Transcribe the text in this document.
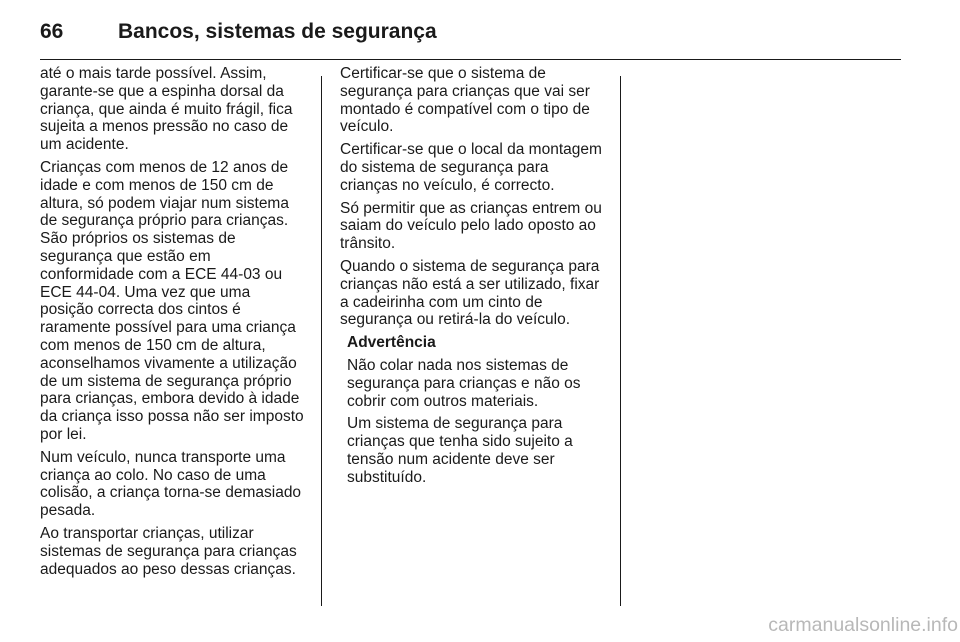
66	Bancos, sistemas de segurança

até o mais tarde possível. Assim, garante-se que a espinha dorsal da criança, que ainda é muito frágil, fica sujeita a menos pressão no caso de um acidente.

Crianças com menos de 12 anos de idade e com menos de 150 cm de altura, só podem viajar num sistema de segurança próprio para crianças. São próprios os sistemas de segurança que estão em conformidade com a ECE 44-03 ou ECE 44-04. Uma vez que uma posição correcta dos cintos é raramente possível para uma criança com menos de 150 cm de altura, aconselhamos vivamente a utilização de um sistema de segurança próprio para crianças, embora devido à idade da criança isso possa não ser imposto por lei.

Num veículo, nunca transporte uma criança ao colo. No caso de uma colisão, a criança torna-se demasiado pesada.

Ao transportar crianças, utilizar sistemas de segurança para crianças adequados ao peso dessas crianças.

Certificar-se que o sistema de segurança para crianças que vai ser montado é compatível com o tipo de veículo.

Certificar-se que o local da montagem do sistema de segurança para crianças no veículo, é correcto.

Só permitir que as crianças entrem ou saiam do veículo pelo lado oposto ao trânsito.

Quando o sistema de segurança para crianças não está a ser utilizado, fixar a cadeirinha com um cinto de segurança ou retirá-la do veículo.

Advertência

Não colar nada nos sistemas de segurança para crianças e não os cobrir com outros materiais.

Um sistema de segurança para crianças que tenha sido sujeito a tensão num acidente deve ser substituído.

carmanualsonline.info
